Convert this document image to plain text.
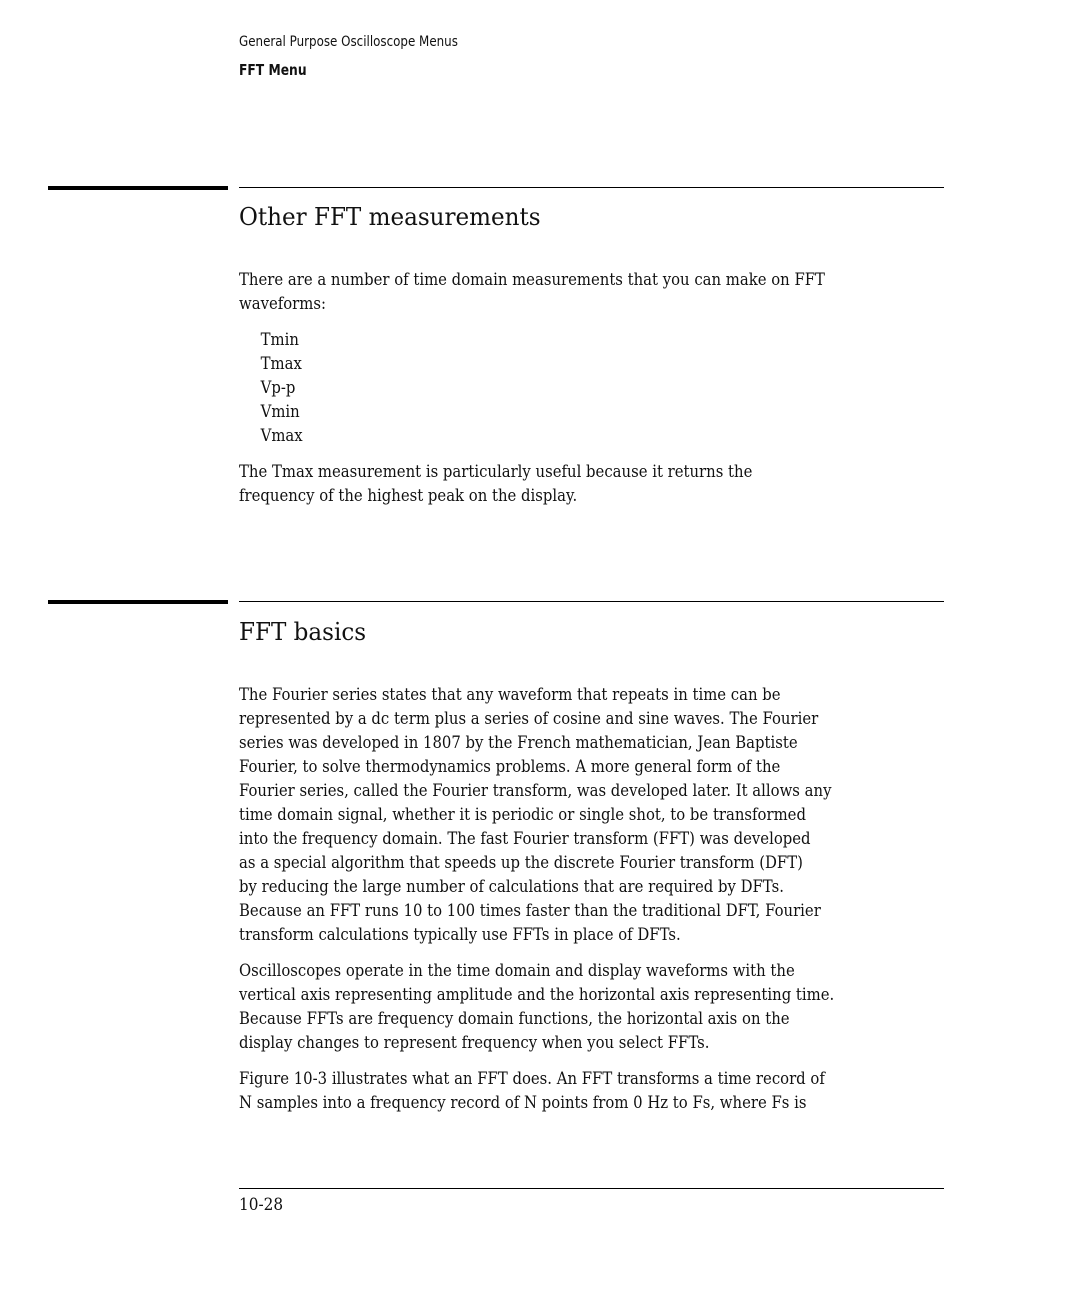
General Purpose Oscilloscope Menus
FFT Menu
Other FFT measurements
There are a number of time domain measurements that you can make on FFT
waveforms:
Tmin
Tmax
Vp-p
Vmin
Vmax
The Tmax measurement is particularly useful because it returns the
frequency of the highest peak on the display.
FFT basics
The Fourier series states that any waveform that repeats in time can be
represented by a dc term plus a series of cosine and sine waves. The Fourier
series was developed in 1807 by the French mathematician, Jean Baptiste
Fourier, to solve thermodynamics problems. A more general form of the
Fourier series, called the Fourier transform, was developed later. It allows any
time domain signal, whether it is periodic or single shot, to be transformed
into the frequency domain. The fast Fourier transform (FFT) was developed
as a special algorithm that speeds up the discrete Fourier transform (DFT)
by reducing the large number of calculations that are required by DFTs.
Because an FFT runs 10 to 100 times faster than the traditional DFT, Fourier
transform calculations typically use FFTs in place of DFTs.
Oscilloscopes operate in the time domain and display waveforms with the
vertical axis representing amplitude and the horizontal axis representing time.
Because FFTs are frequency domain functions, the horizontal axis on the
display changes to represent frequency when you select FFTs.
Figure 10-3 illustrates what an FFT does. An FFT transforms a time record of
N samples into a frequency record of N points from 0 Hz to Fs, where Fs is
10-28
